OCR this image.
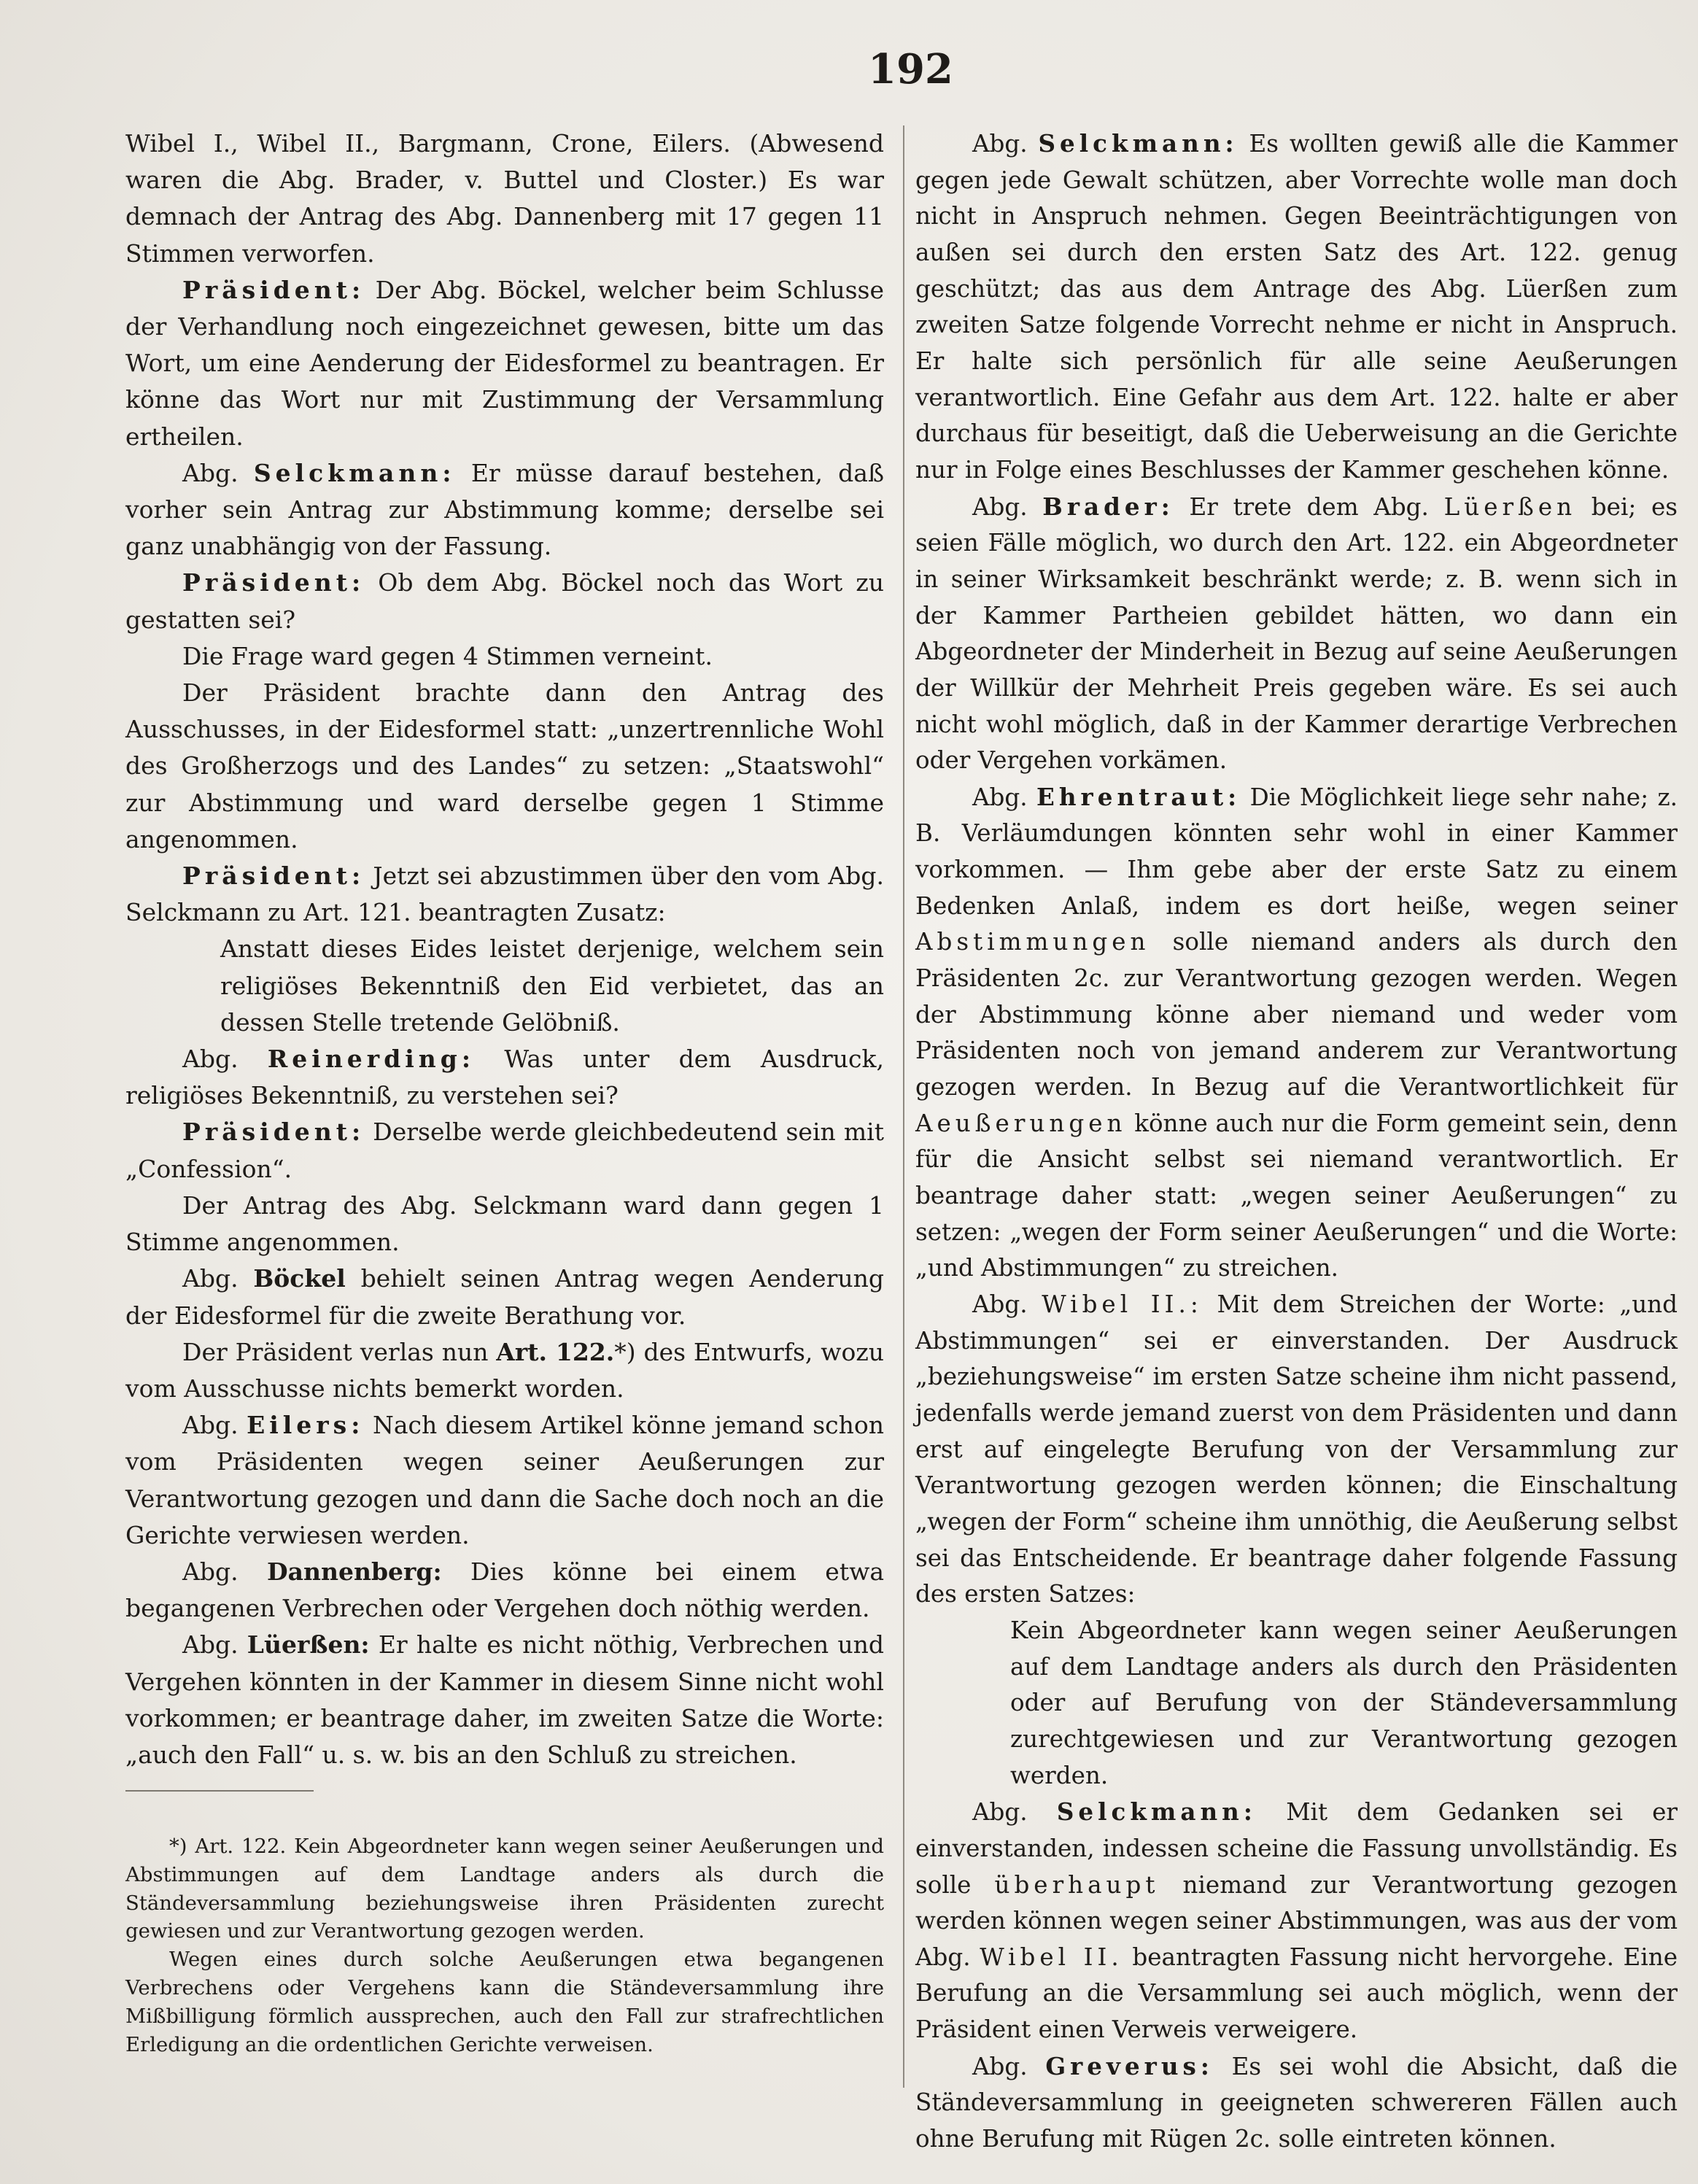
192

Wibel I., Wibel II., Bargmann, Crone, Eilers. (Abwesend waren die Abg. Brader, v. Buttel und Closter.) Es war demnach der Antrag des Abg. Dannenberg mit 17 gegen 11 Stimmen verworfen.

Präsident: Der Abg. Böckel, welcher beim Schlusse der Verhandlung noch eingezeichnet gewesen, bitte um das Wort, um eine Aenderung der Eidesformel zu beantragen. Er könne das Wort nur mit Zustimmung der Versammlung ertheilen.

Abg. Selckmann: Er müsse darauf bestehen, daß vorher sein Antrag zur Abstimmung komme; derselbe sei ganz unabhängig von der Fassung.

Präsident: Ob dem Abg. Böckel noch das Wort zu gestatten sei?

Die Frage ward gegen 4 Stimmen verneint.

Der Präsident brachte dann den Antrag des Ausschusses, in der Eidesformel statt: „unzertrennliche Wohl des Großherzogs und des Landes“ zu setzen: „Staatswohl“ zur Abstimmung und ward derselbe gegen 1 Stimme angenommen.

Präsident: Jetzt sei abzustimmen über den vom Abg. Selckmann zu Art. 121. beantragten Zusatz:

Anstatt dieses Eides leistet derjenige, welchem sein religiöses Bekenntniß den Eid verbietet, das an dessen Stelle tretende Gelöbniß.

Abg. Reinerding: Was unter dem Ausdruck, religiöses Bekenntniß, zu verstehen sei?

Präsident: Derselbe werde gleichbedeutend sein mit „Confession“.

Der Antrag des Abg. Selckmann ward dann gegen 1 Stimme angenommen.

Abg. Böckel behielt seinen Antrag wegen Aenderung der Eidesformel für die zweite Berathung vor.

Der Präsident verlas nun Art. 122.*) des Entwurfs, wozu vom Ausschusse nichts bemerkt worden.

Abg. Eilers: Nach diesem Artikel könne jemand schon vom Präsidenten wegen seiner Aeußerungen zur Verantwortung gezogen und dann die Sache doch noch an die Gerichte verwiesen werden.

Abg. Dannenberg: Dies könne bei einem etwa begangenen Verbrechen oder Vergehen doch nöthig werden.

Abg. Lüerßen: Er halte es nicht nöthig, Verbrechen und Vergehen könnten in der Kammer in diesem Sinne nicht wohl vorkommen; er beantrage daher, im zweiten Satze die Worte: „auch den Fall“ u. s. w. bis an den Schluß zu streichen.

*) Art. 122. Kein Abgeordneter kann wegen seiner Aeußerungen und Abstimmungen auf dem Landtage anders als durch die Ständeversammlung beziehungsweise ihren Präsidenten zurecht gewiesen und zur Verantwortung gezogen werden.

Wegen eines durch solche Aeußerungen etwa begangenen Verbrechens oder Vergehens kann die Ständeversammlung ihre Mißbilligung förmlich aussprechen, auch den Fall zur strafrechtlichen Erledigung an die ordentlichen Gerichte verweisen.

Abg. Selckmann: Es wollten gewiß alle die Kammer gegen jede Gewalt schützen, aber Vorrechte wolle man doch nicht in Anspruch nehmen. Gegen Beeinträchtigungen von außen sei durch den ersten Satz des Art. 122. genug geschützt; das aus dem Antrage des Abg. Lüerßen zum zweiten Satze folgende Vorrecht nehme er nicht in Anspruch. Er halte sich persönlich für alle seine Aeußerungen verantwortlich. Eine Gefahr aus dem Art. 122. halte er aber durchaus für beseitigt, daß die Ueberweisung an die Gerichte nur in Folge eines Beschlusses der Kammer geschehen könne.

Abg. Brader: Er trete dem Abg. Lüerßen bei; es seien Fälle möglich, wo durch den Art. 122. ein Abgeordneter in seiner Wirksamkeit beschränkt werde; z. B. wenn sich in der Kammer Partheien gebildet hätten, wo dann ein Abgeordneter der Minderheit in Bezug auf seine Aeußerungen der Willkür der Mehrheit Preis gegeben wäre. Es sei auch nicht wohl möglich, daß in der Kammer derartige Verbrechen oder Vergehen vorkämen.

Abg. Ehrentraut: Die Möglichkeit liege sehr nahe; z. B. Verläumdungen könnten sehr wohl in einer Kammer vorkommen. — Ihm gebe aber der erste Satz zu einem Bedenken Anlaß, indem es dort heiße, wegen seiner Abstimmungen solle niemand anders als durch den Präsidenten 2c. zur Verantwortung gezogen werden. Wegen der Abstimmung könne aber niemand und weder vom Präsidenten noch von jemand anderem zur Verantwortung gezogen werden. In Bezug auf die Verantwortlichkeit für Aeußerungen könne auch nur die Form gemeint sein, denn für die Ansicht selbst sei niemand verantwortlich. Er beantrage daher statt: „wegen seiner Aeußerungen“ zu setzen: „wegen der Form seiner Aeußerungen“ und die Worte: „und Abstimmungen“ zu streichen.

Abg. Wibel II.: Mit dem Streichen der Worte: „und Abstimmungen“ sei er einverstanden. Der Ausdruck „beziehungsweise“ im ersten Satze scheine ihm nicht passend, jedenfalls werde jemand zuerst von dem Präsidenten und dann erst auf eingelegte Berufung von der Versammlung zur Verantwortung gezogen werden können; die Einschaltung „wegen der Form“ scheine ihm unnöthig, die Aeußerung selbst sei das Entscheidende. Er beantrage daher folgende Fassung des ersten Satzes:

Kein Abgeordneter kann wegen seiner Aeußerungen auf dem Landtage anders als durch den Präsidenten oder auf Berufung von der Ständeversammlung zurechtgewiesen und zur Verantwortung gezogen werden.

Abg. Selckmann: Mit dem Gedanken sei er einverstanden, indessen scheine die Fassung unvollständig. Es solle überhaupt niemand zur Verantwortung gezogen werden können wegen seiner Abstimmungen, was aus der vom Abg. Wibel II. beantragten Fassung nicht hervorgehe. Eine Berufung an die Versammlung sei auch möglich, wenn der Präsident einen Verweis verweigere.

Abg. Greverus: Es sei wohl die Absicht, daß die Ständeversammlung in geeigneten schwereren Fällen auch ohne Berufung mit Rügen 2c. solle eintreten können.
